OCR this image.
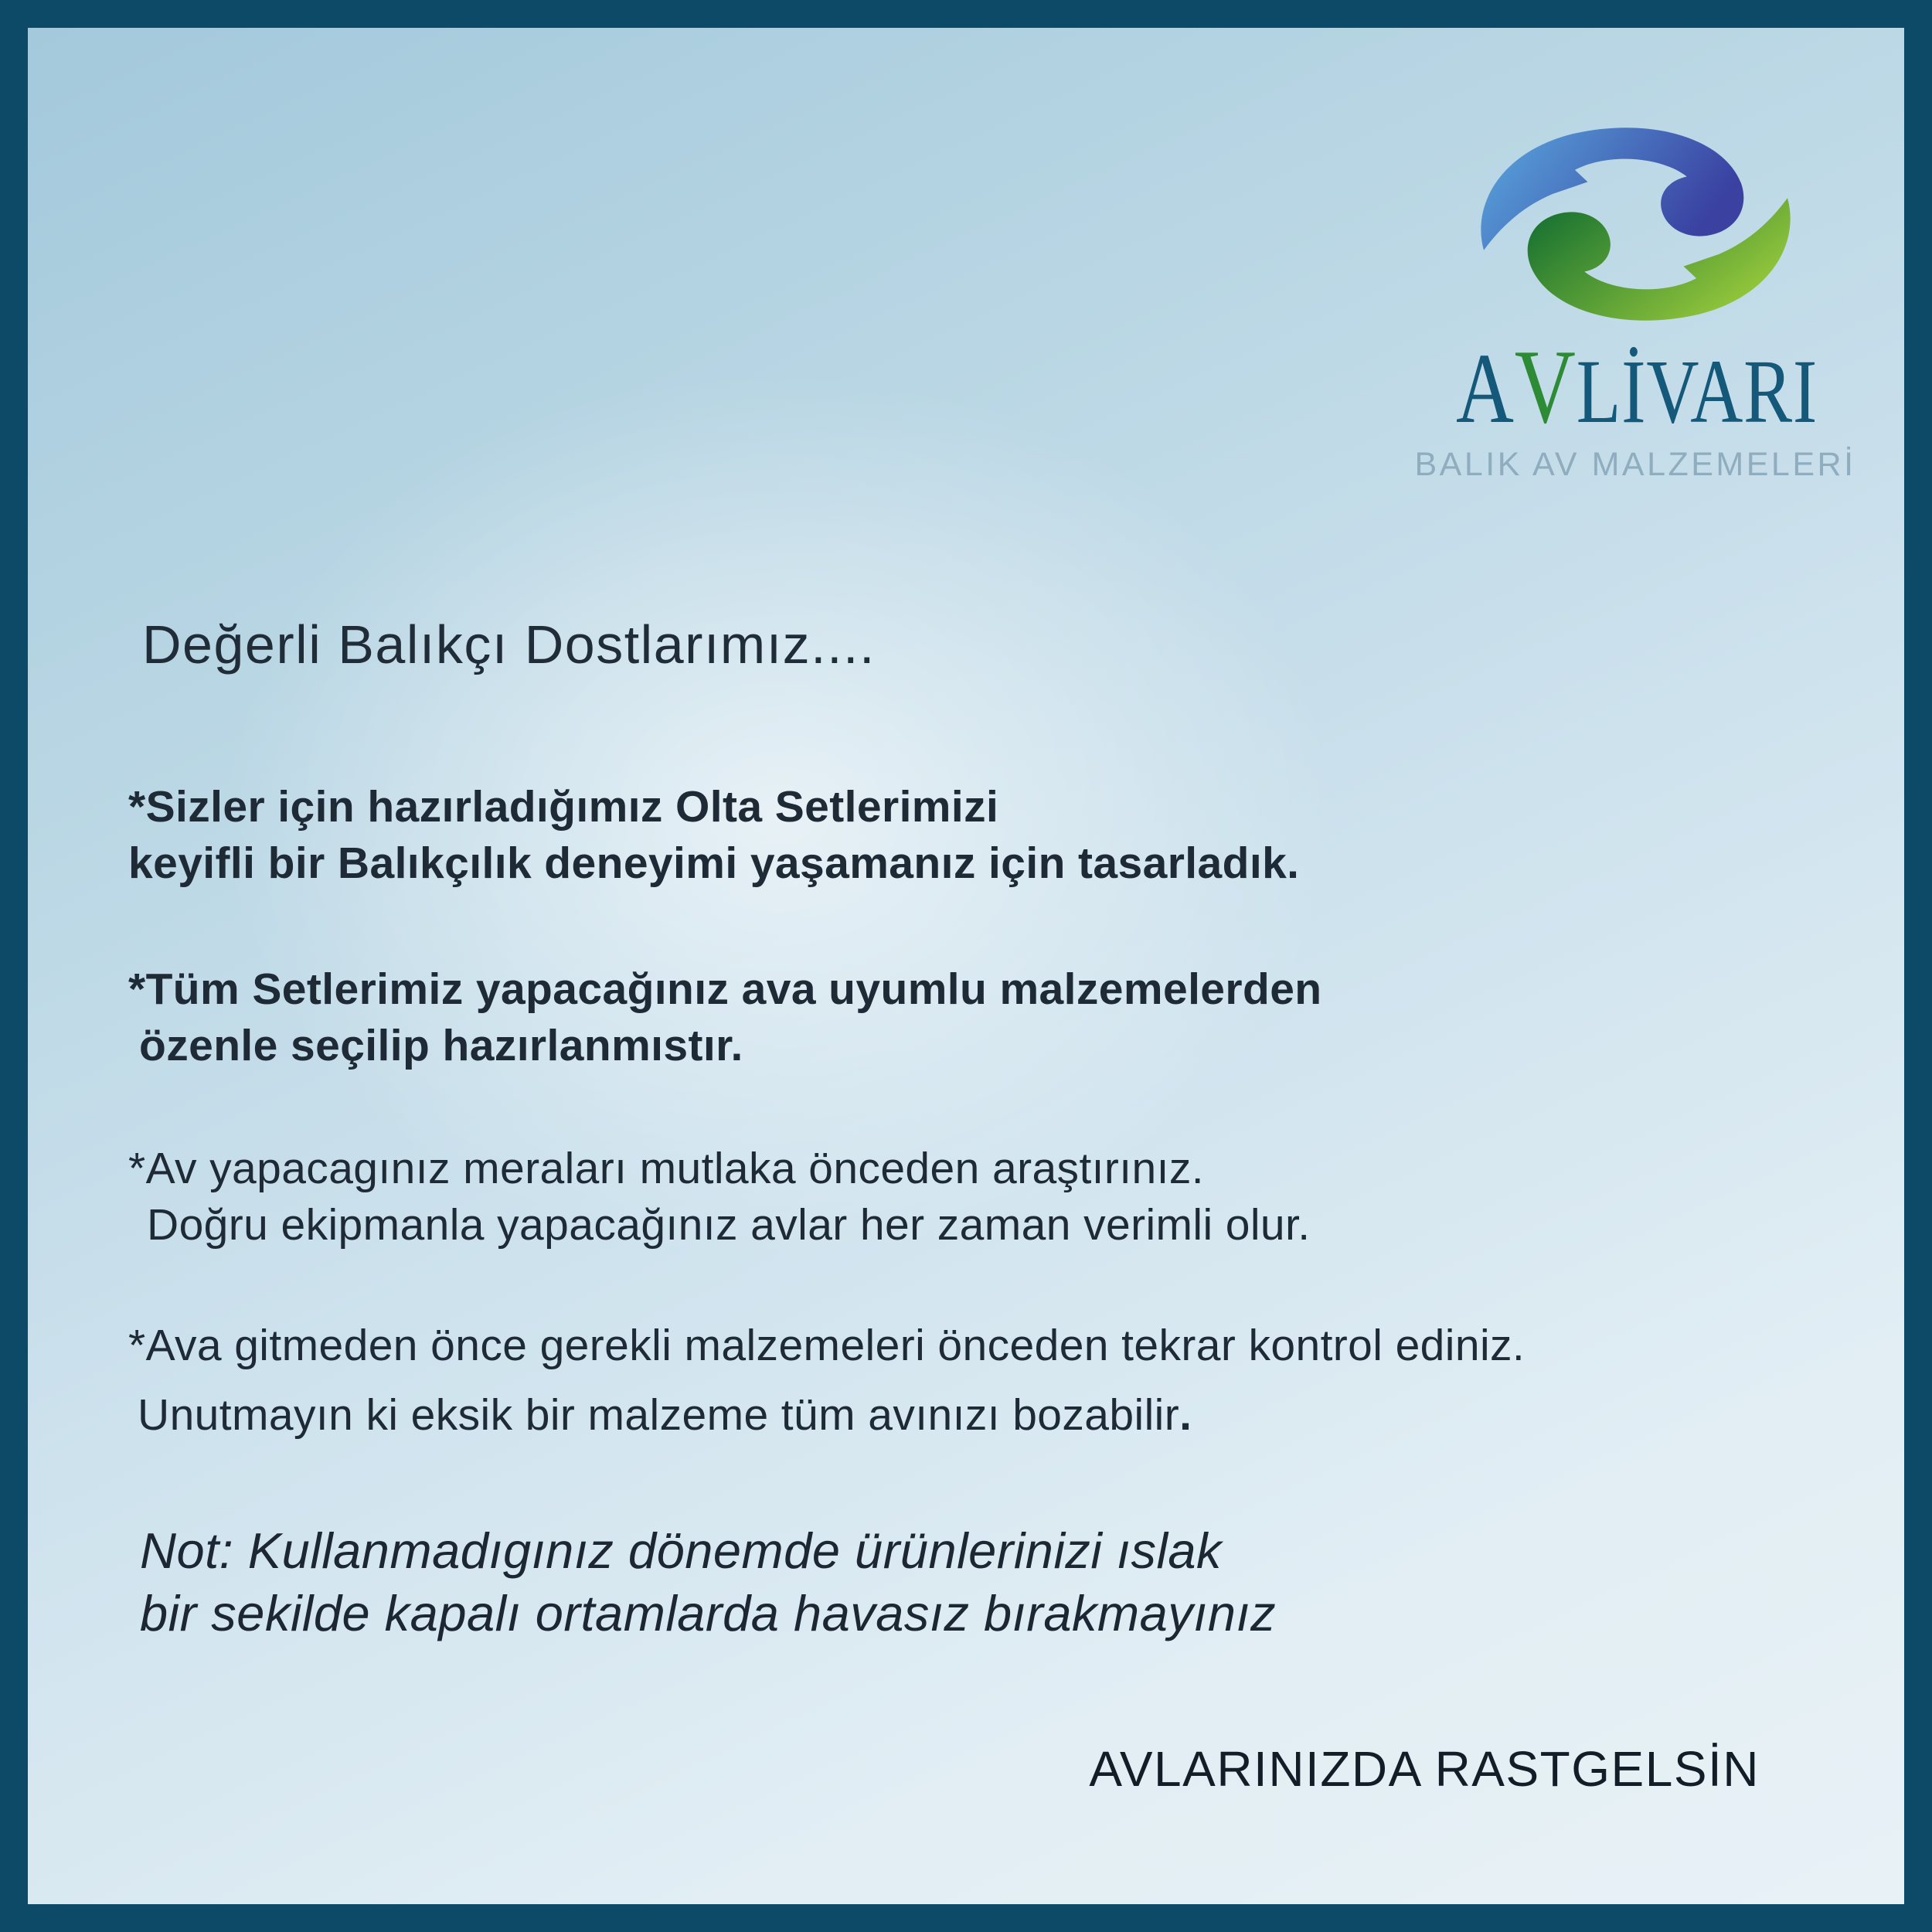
AVLİVARI
BALIK AV MALZEMELERİ
Değerli Balıkçı Dostlarımız....
*Sizler için hazırladığımız Olta Setlerimizi
keyifli bir Balıkçılık deneyimi yaşamanız için tasarladık.
*Tüm Setlerimiz yapacağınız ava uyumlu malzemelerden
özenle seçilip hazırlanmıstır.
*Av yapacagınız meraları mutlaka önceden araştırınız.
Doğru ekipmanla yapacağınız avlar her zaman verimli olur.
*Ava gitmeden önce gerekli malzemeleri önceden tekrar kontrol ediniz.
Unutmayın ki eksik bir malzeme tüm avınızı bozabilir.
Not: Kullanmadıgınız dönemde ürünlerinizi ıslak
bir sekilde kapalı ortamlarda havasız bırakmayınız
AVLARINIZDA RASTGELSİN
